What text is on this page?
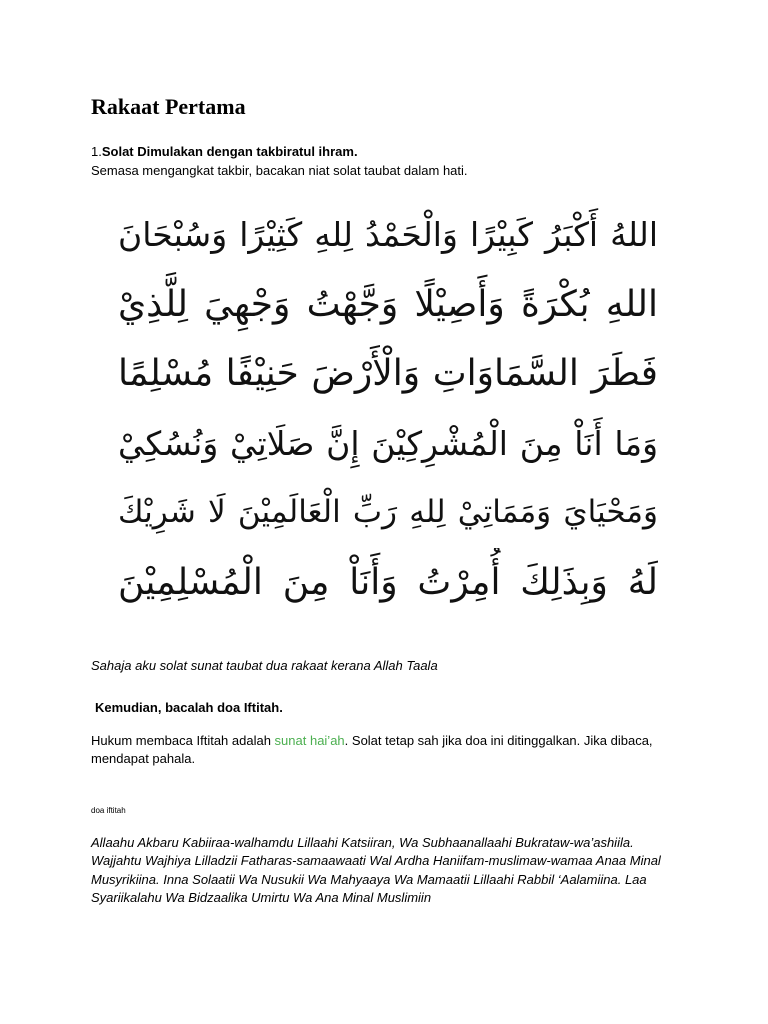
Rakaat Pertama
1.Solat Dimulakan dengan takbiratul ihram.
Semasa mengangkat takbir, bacakan niat solat taubat dalam hati.
اللهُ أَكْبَرُ كَبِيْرًا وَالْحَمْدُ لِلهِ كَثِيْرًا وَسُبْحَانَ
اللهِ بُكْرَةً وَأَصِيْلًا وَجَّهْتُ وَجْهِيَ لِلَّذِيْ
فَطَرَ السَّمَاوَاتِ وَالْأَرْضَ حَنِيْفًا مُسْلِمًا
وَمَا أَنَاْ مِنَ الْمُشْرِكِيْنَ إِنَّ صَلَاتِيْ وَنُسُكِيْ
وَمَحْيَايَ وَمَمَاتِيْ لِلهِ رَبِّ الْعَالَمِيْنَ لَا شَرِيْكَ
لَهُ وَبِذَلِكَ أُمِرْتُ وَأَنَاْ مِنَ الْمُسْلِمِيْنَ
Sahaja aku solat sunat taubat dua rakaat kerana Allah Taala
Kemudian, bacalah doa Iftitah.
Hukum membaca Iftitah adalah sunat hai’ah. Solat tetap sah jika doa ini ditinggalkan. Jika dibaca, mendapat pahala.
doa iftitah
Allaahu Akbaru Kabiiraa-walhamdu Lillaahi Katsiiran, Wa Subhaanallaahi Bukrataw-wa’ashiila. Wajjahtu Wajhiya Lilladzii Fatharas-samaawaati Wal Ardha Haniifam-muslimaw-wamaa Anaa Minal Musyrikiina. Inna Solaatii Wa Nusukii Wa Mahyaaya Wa Mamaatii Lillaahi Rabbil ‘Aalamiina. Laa Syariikalahu Wa Bidzaalika Umirtu Wa Ana Minal Muslimiin
